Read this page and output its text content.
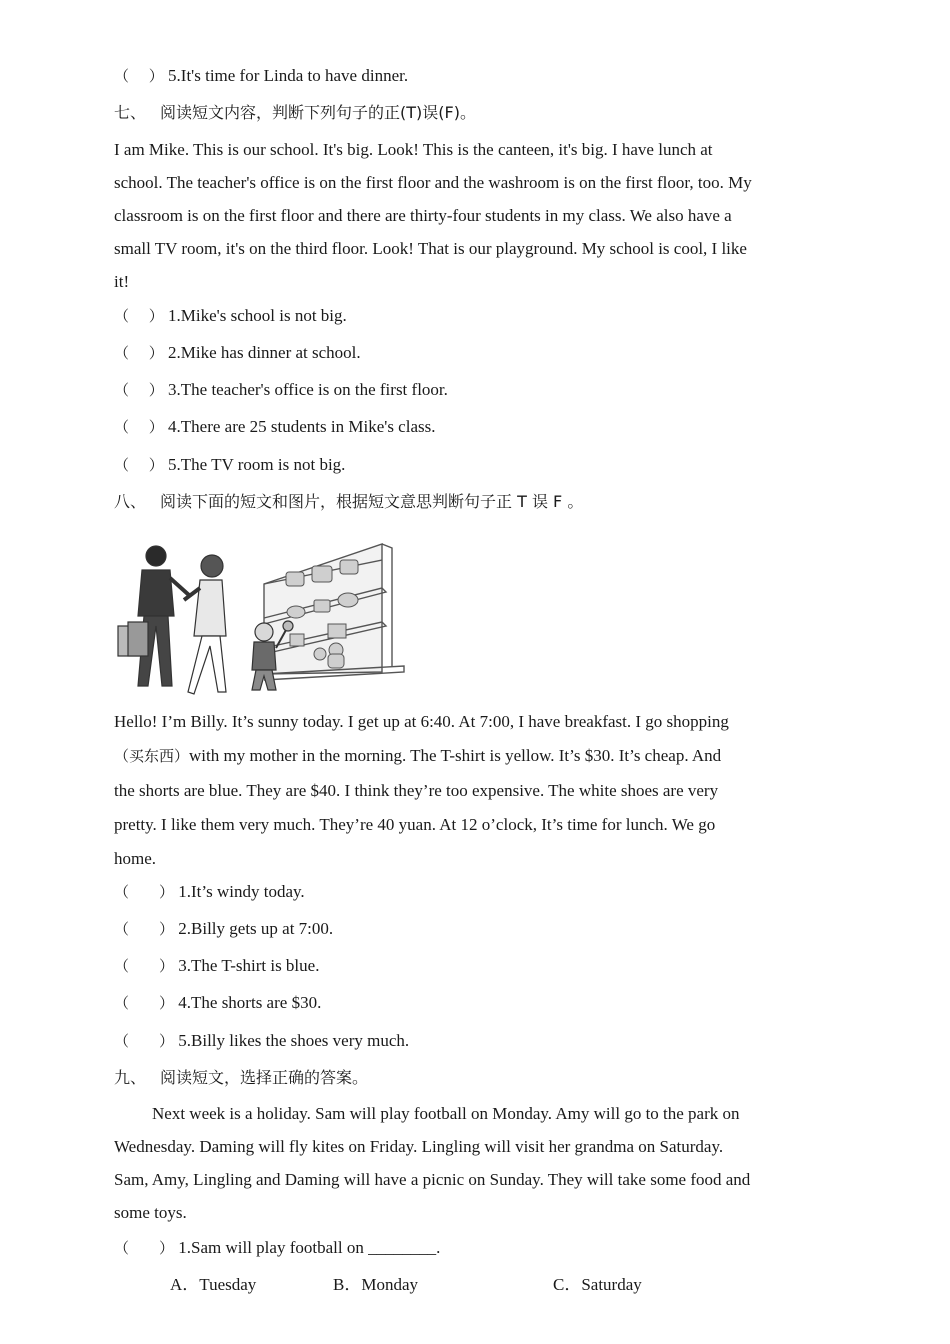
（　 ） 5.It's time for Linda to have dinner.
七、 阅读短文内容，判断下列句子的正(T)误(F)。
I am Mike. This is our school. It's big. Look! This is the canteen, it's big. I have lunch at
school. The teacher's office is on the first floor and the washroom is on the first floor, too. My
classroom is on the first floor and there are thirty-four students in my class. We also have a
small TV room, it's on the third floor. Look! That is our playground. My school is cool, I like
it!
（　 ） 1.Mike's school is not big.
（　 ） 2.Mike has dinner at school.
（　 ） 3.The teacher's office is on the first floor.
（　 ） 4.There are 25 students in Mike's class.
（　 ） 5.The TV room is not big.
八、 阅读下面的短文和图片，根据短文意思判断句子正 T 误 F 。
Hello! I’m Billy. It’s sunny today. I get up at 6:40. At 7:00, I have breakfast. I go shopping
（买东西）with my mother in the morning. The T-shirt is yellow. It’s $30. It’s cheap. And
the shorts are blue. They are $40. I think they’re too expensive. The white shoes are very
pretty. I like them very much. They’re 40 yuan. At 12 o’clock, It’s time for lunch. We go
home.
（　　） 1.It’s windy today.
（　　） 2.Billy gets up at 7:00.
（　　） 3.The T-shirt is blue.
（　　） 4.The shorts are $30.
（　　） 5.Billy likes the shoes very much.
九、 阅读短文，选择正确的答案。
Next week is a holiday. Sam will play football on Monday. Amy will go to the park on
Wednesday. Daming will fly kites on Friday. Lingling will visit her grandma on Saturday.
Sam, Amy, Lingling and Daming will have a picnic on Sunday. They will take some food and
some toys.
（　　） 1.Sam will play football on ________.
A．Tuesday	B．Monday	C．Saturday
